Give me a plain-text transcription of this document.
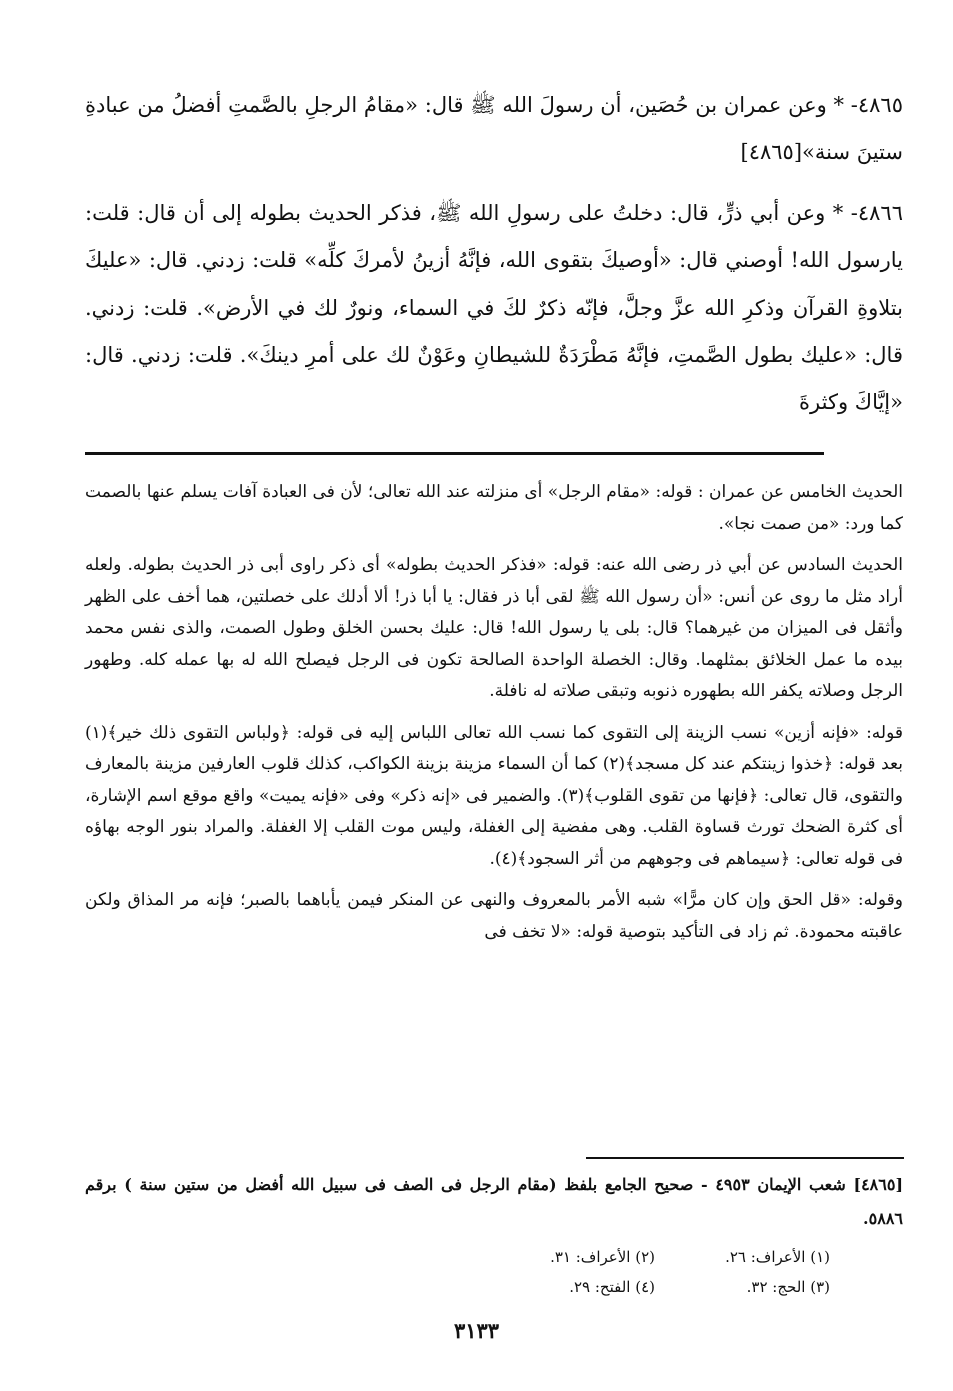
٤٨٦٥- * وعن عمران بن حُصَين، أن رسولَ الله ﷺ قال: «مقامُ الرجلِ بالصَّمتِ أفضلُ من عبادةِ ستينَ سنة»[٤٨٦٥]

٤٨٦٦- * وعن أبي ذرٍّ، قال: دخلتُ على رسولِ الله ﷺ، فذكر الحديث بطوله إلى أن قال: قلت: يارسول الله! أوصني قال: «أوصيكَ بتقوى الله، فإنَّهُ أزينُ لأمركَ كلِّه» قلت: زدني. قال: «عليكَ بتلاوةِ القرآن وذكرِ الله عزَّ وجلَّ، فإنّه ذكرٌ لكَ في السماء، ونورٌ لك في الأرض». قلت: زدني. قال: «عليك بطول الصَّمتِ، فإنَّهُ مَطْرَدَةٌ للشيطانِ وعَوْنٌ لك على أمرِ دينكَ». قلت: زدني. قال: «إيَّاكَ وكثرةَ

الحديث الخامس عن عمران : قوله: «مقام الرجل» أى منزلته عند الله تعالى؛ لأن فى العبادة آفات يسلم عنها بالصمت كما ورد: «من صمت نجا».

الحديث السادس عن أبي ذر رضى الله عنه: قوله: «فذكر الحديث بطوله» أى ذكر راوى أبى ذر الحديث بطوله. ولعله أراد مثل ما روى عن أنس: «أن رسول الله ﷺ لقى أبا ذر فقال: يا أبا ذر! ألا أدلك على خصلتين، هما أخف على الظهر وأثقل فى الميزان من غيرهما؟ قال: بلى يا رسول الله! قال: عليك بحسن الخلق وطول الصمت، والذى نفس محمد بيده ما عمل الخلائق بمثلهما. وقال: الخصلة الواحدة الصالحة تكون فى الرجل فيصلح الله له بها عمله كله. وطهور الرجل وصلاته يكفر الله بطهوره ذنوبه وتبقى صلاته له نافلة.

قوله: «فإنه أزين» نسب الزينة إلى التقوى كما نسب الله تعالى اللباس إليه فى قوله: ﴿ولباس التقوى ذلك خير﴾(١) بعد قوله: ﴿خذوا زينتكم عند كل مسجد﴾(٢) كما أن السماء مزينة بزينة الكواكب، كذلك قلوب العارفين مزينة بالمعارف والتقوى، قال تعالى: ﴿فإنها من تقوى القلوب﴾(٣). والضمير فى «إنه ذكر» وفى «فإنه يميت» واقع موقع اسم الإشارة، أى كثرة الضحك تورث قساوة القلب. وهى مفضية إلى الغفلة، وليس موت القلب إلا الغفلة. والمراد بنور الوجه بهاؤه فى قوله تعالى: ﴿سيماهم فى وجوههم من أثر السجود﴾(٤).

وقوله: «قل الحق وإن كان مرًّا» شبه الأمر بالمعروف والنهى عن المنكر فيمن يأباهما بالصبر؛ فإنه مر المذاق ولكن عاقبته محمودة. ثم زاد فى التأكيد بتوصية قوله: «لا تخف فى

[٤٨٦٥] شعب الإيمان ٤٩٥٣ - صحيح الجامع بلفظ (مقام الرجل فى الصف فى سبيل الله أفضل من ستين سنة ) برقم ٥٨٨٦.

(١) الأعراف: ٢٦.
(٢) الأعراف: ٣١.
(٣) الحج: ٣٢.
(٤) الفتح: ٢٩.
٣١٣٣
